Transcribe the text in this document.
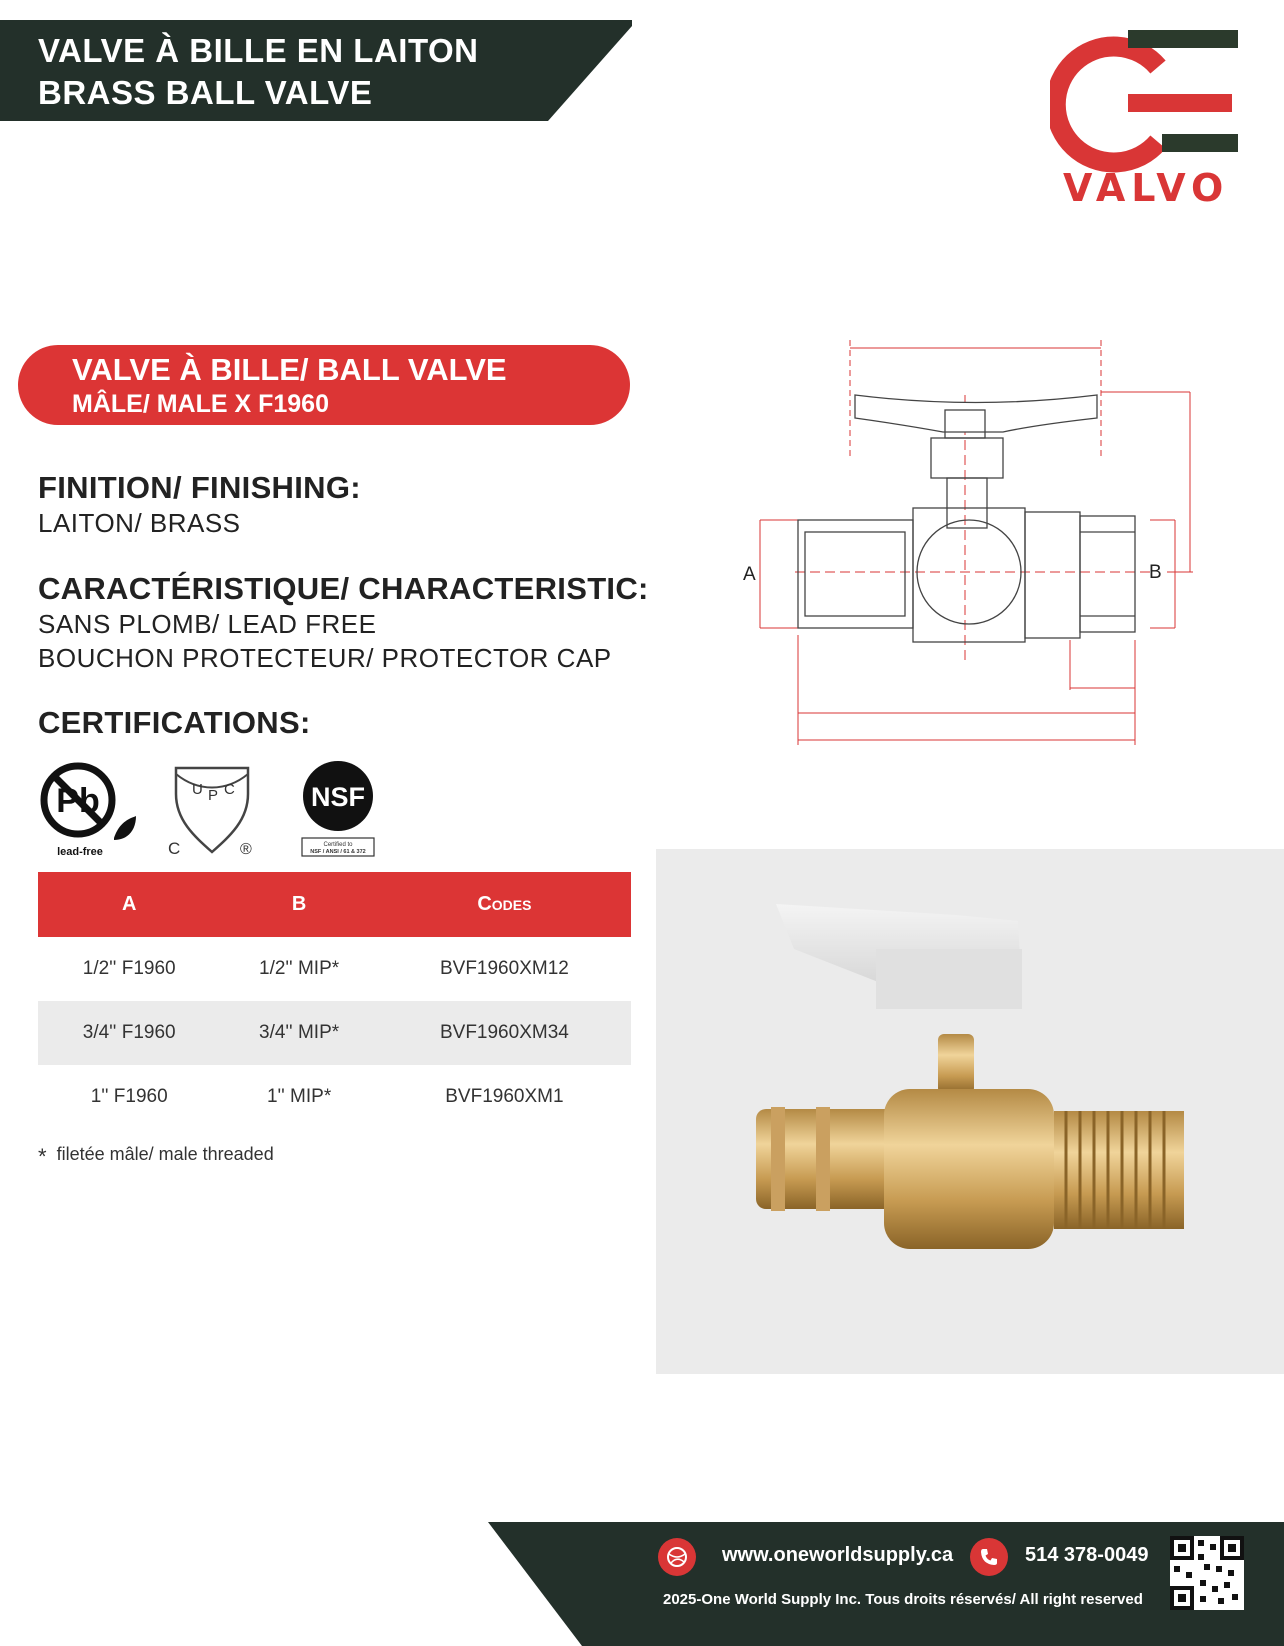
VALVE À BILLE EN LAITON
BRASS BALL VALVE
VALVO
VALVE À BILLE/ BALL VALVE
MÂLE/ MALE X F1960
FINITION/ FINISHING:
LAITON/ BRASS
CARACTÉRISTIQUE/ CHARACTERISTIC:
SANS PLOMB/ LEAD FREE
BOUCHON PROTECTEUR/ PROTECTOR CAP
CERTIFICATIONS:
Pb
lead-free
U P C
C	®
NSF
Certified to
NSF / ANSI / 61 & 372
A	B	Codes
1/2'' F1960	1/2'' MIP*	BVF1960XM12
3/4'' F1960	3/4'' MIP*	BVF1960XM34
1'' F1960	1'' MIP*	BVF1960XM1
* filetée mâle/ male threaded
A	B
www.oneworldsupply.ca	514 378-0049
2025-One World Supply Inc. Tous droits réservés/ All right reserved
